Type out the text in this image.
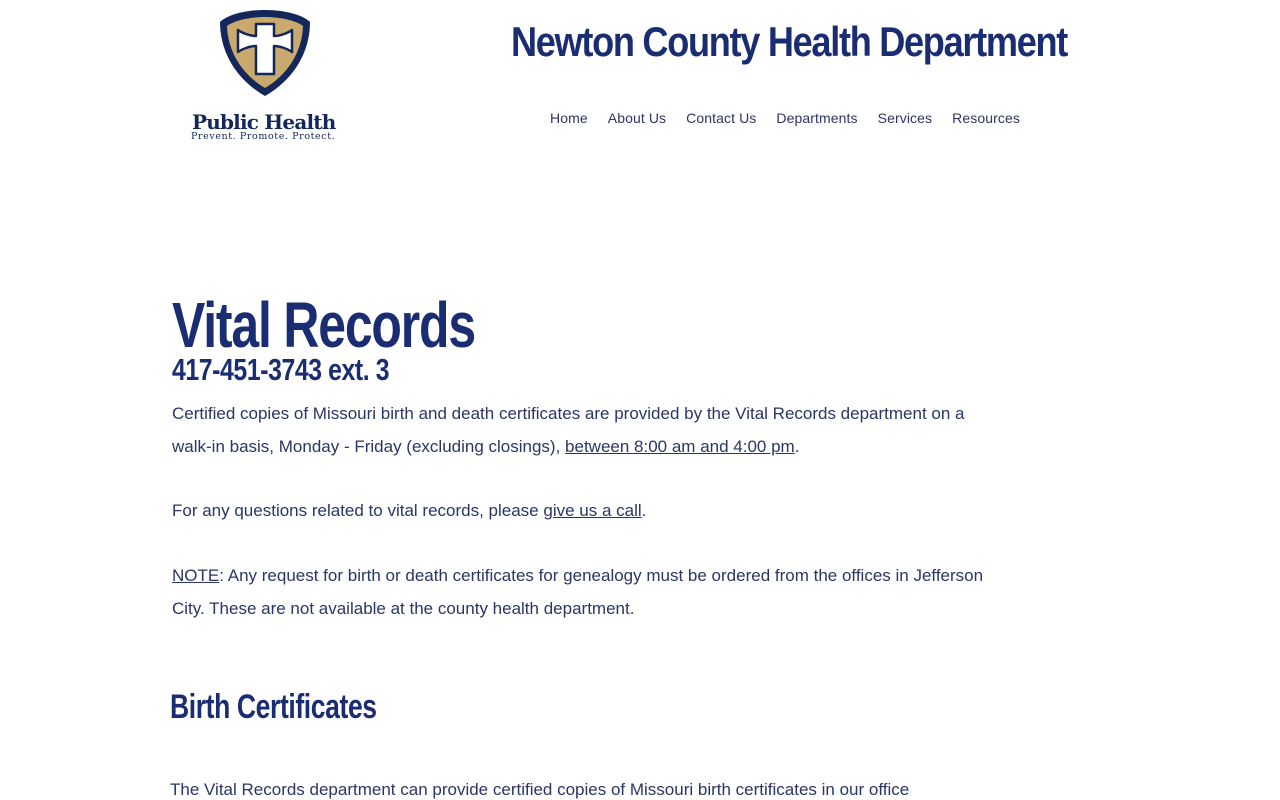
Public Health
Prevent. Promote. Protect.
Newton County Health Department
Home	About Us	Contact Us	Departments	Services	Resources
Vital Records
417-451-3743 ext. 3

Certified copies of Missouri birth and death certificates are provided by the Vital Records department on a walk-in basis, Monday - Friday (excluding closings), between 8:00 am and 4:00 pm.

For any questions related to vital records, please give us a call.

NOTE: Any request for birth or death certificates for genealogy must be ordered from the offices in Jefferson City. These are not available at the county health department.

Birth Certificates

The Vital Records department can provide certified copies of Missouri birth certificates in our office
